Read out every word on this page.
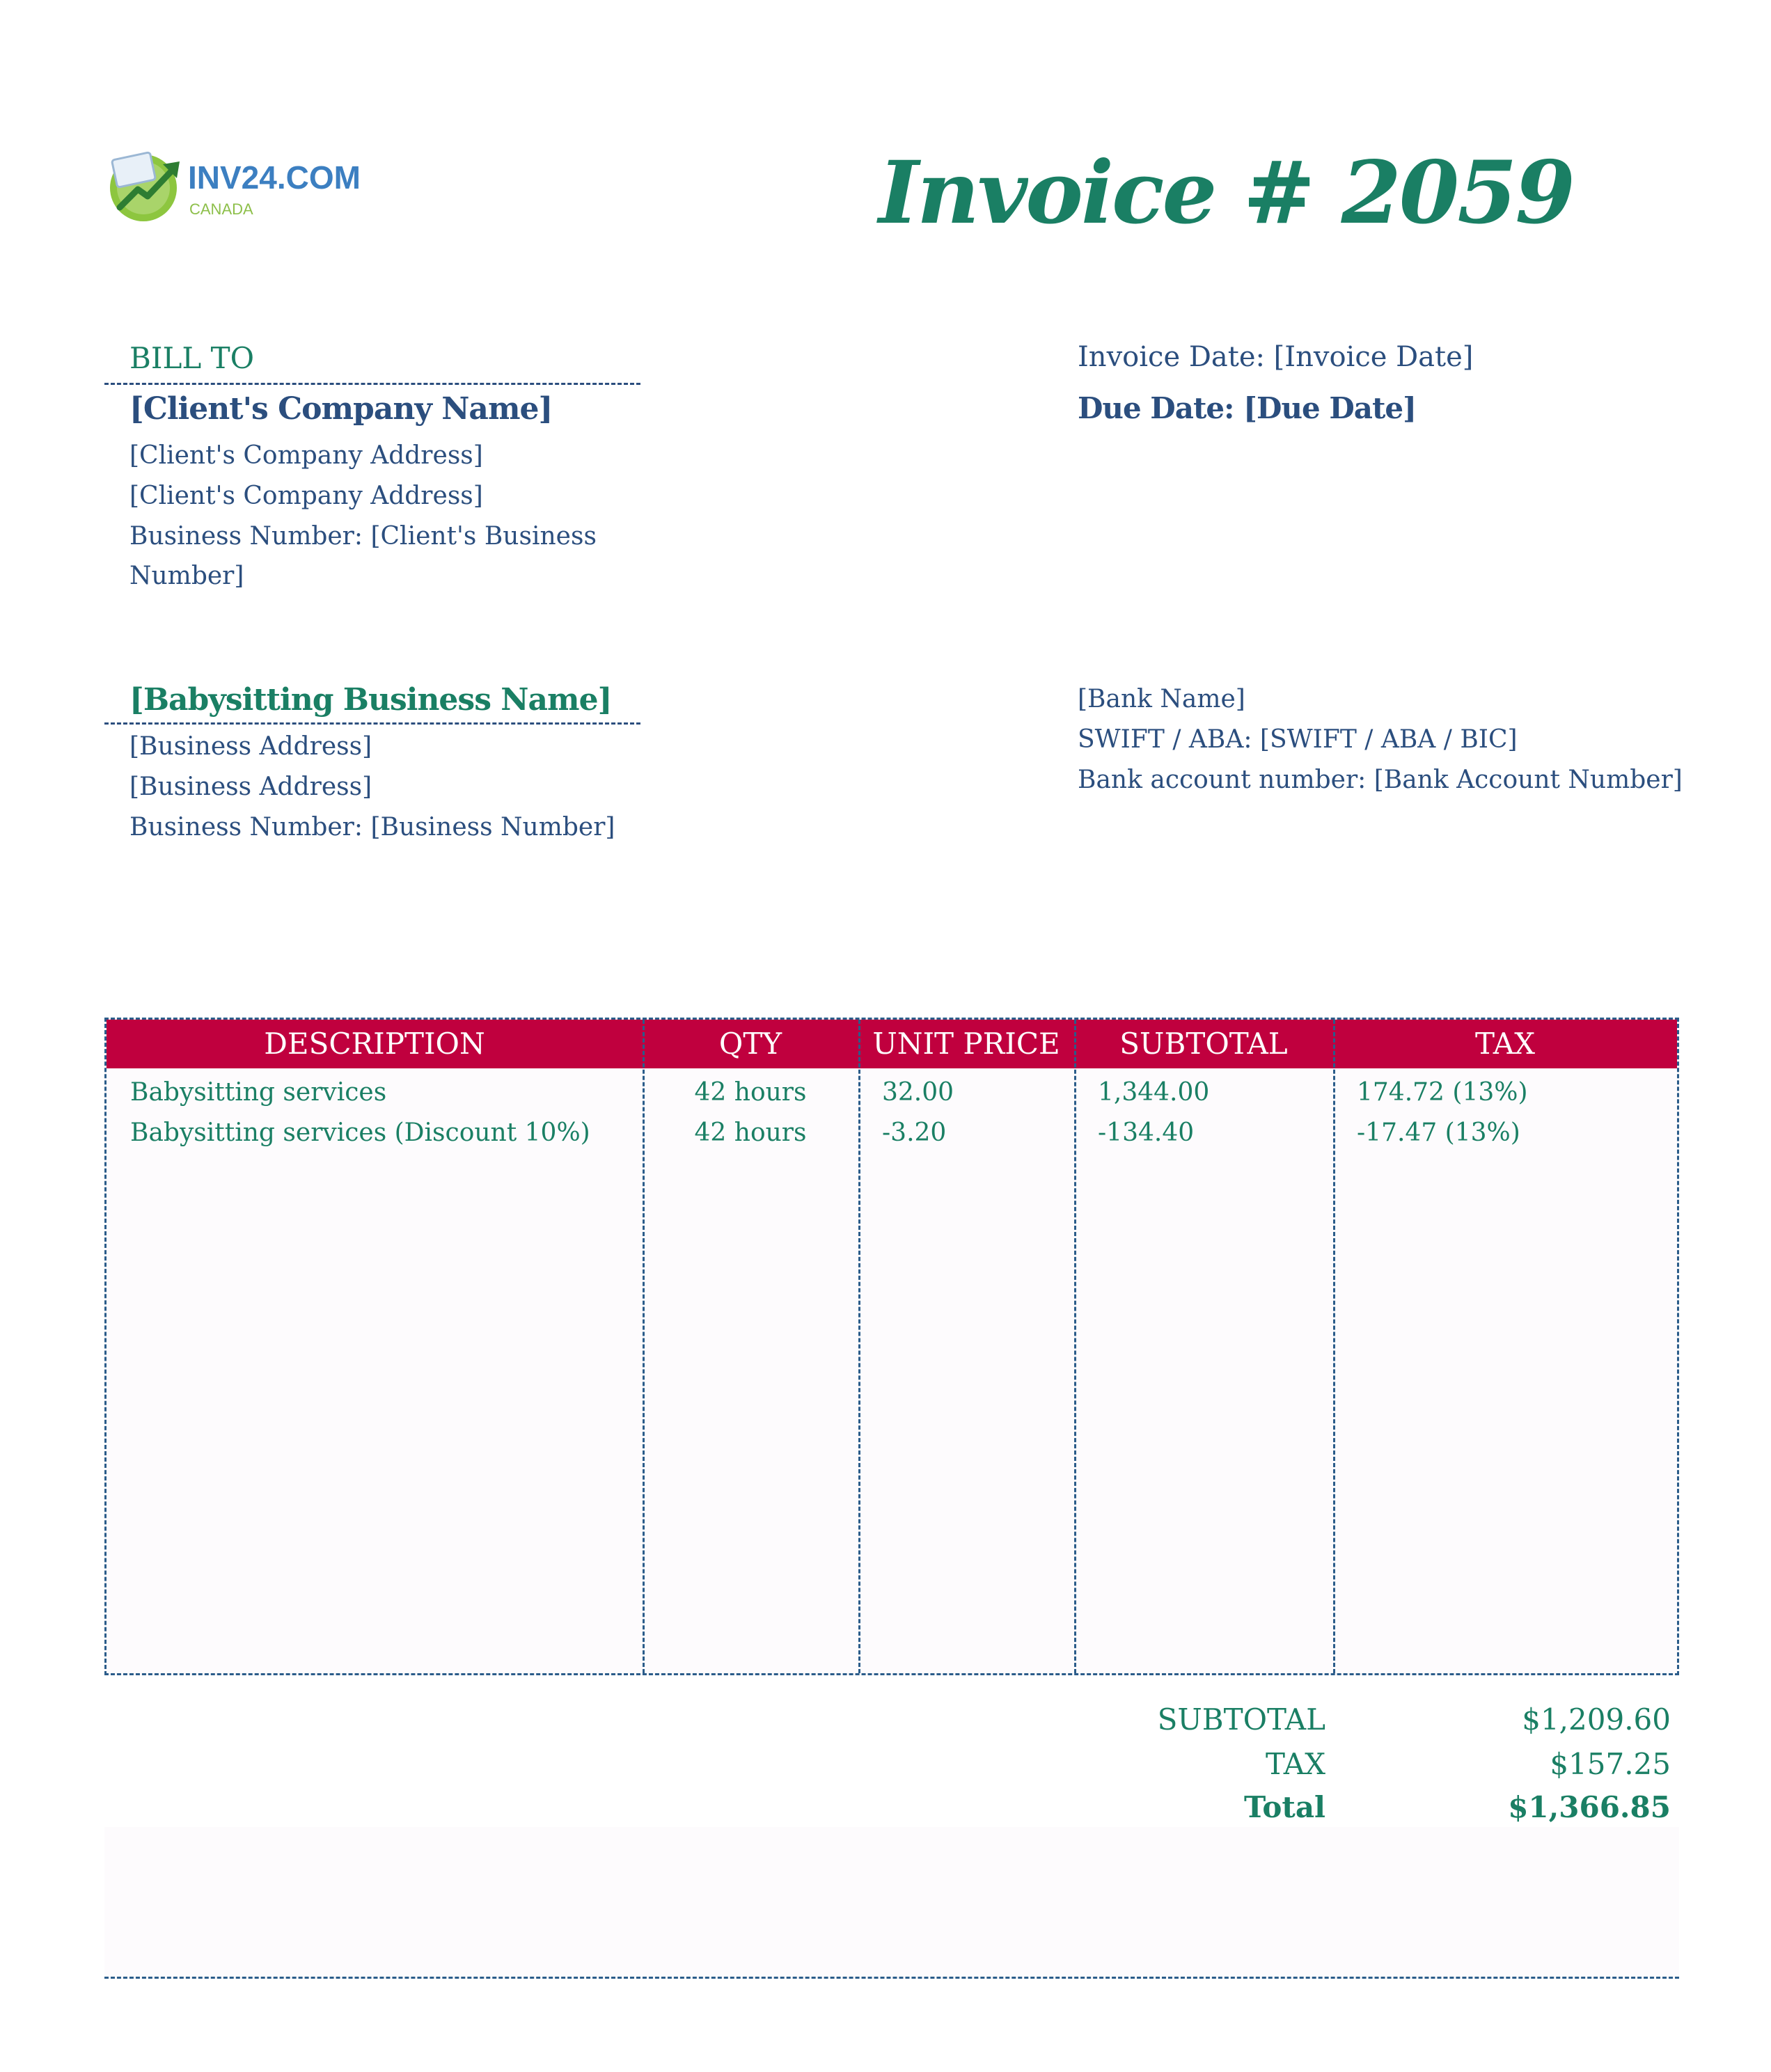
INV24.COM
CANADA	Invoice # 2059
BILL TO
[Client's Company Name]
[Client's Company Address]
[Client's Company Address]
Business Number: [Client's Business
Number]
Invoice Date: [Invoice Date]
Due Date: [Due Date]
[Babysitting Business Name]
[Business Address]
[Business Address]
Business Number: [Business Number]
[Bank Name]
SWIFT / ABA: [SWIFT / ABA / BIC]
Bank account number: [Bank Account Number]
DESCRIPTION	QTY	UNIT PRICE	SUBTOTAL	TAX
Babysitting services	42 hours	32.00	1,344.00	174.72 (13%)
Babysitting services (Discount 10%)	42 hours	-3.20	-134.40	-17.47 (13%)
SUBTOTAL	$1,209.60
TAX	$157.25
Total	$1,366.85
